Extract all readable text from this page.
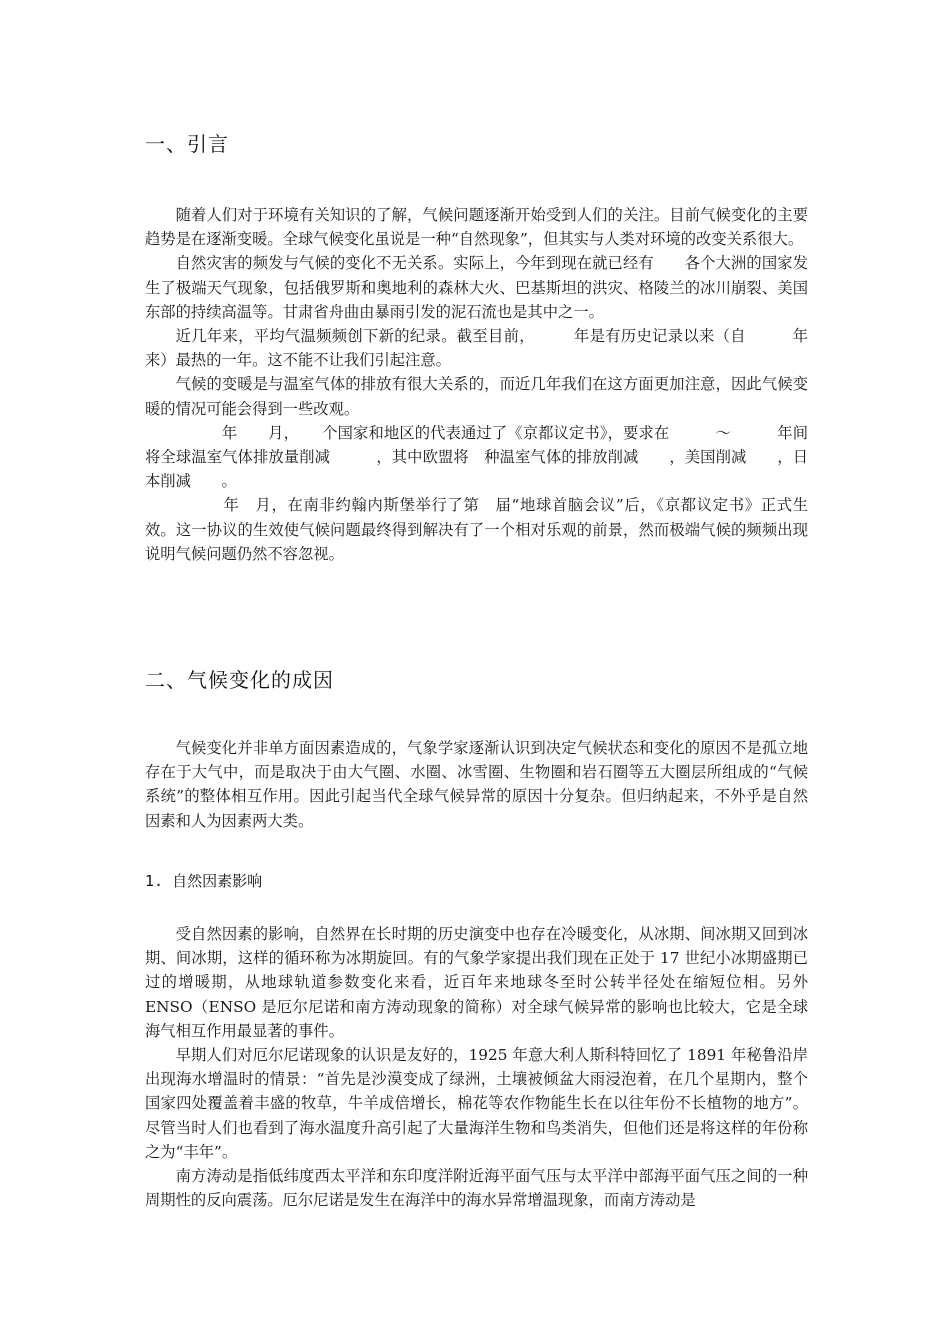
一、引言

随着人们对于环境有关知识的了解，气候问题逐渐开始受到人们的关注。目前气候变化的主要趋势是在逐渐变暖。全球气候变化虽说是一种“自然现象”，但其实与人类对环境的改变关系很大。

自然灾害的频发与气候的变化不无关系。实际上，今年到现在就已经有　　各个大洲的国家发生了极端天气现象，包括俄罗斯和奥地利的森林大火、巴基斯坦的洪灾、格陵兰的冰川崩裂、美国东部的持续高温等。甘肃省舟曲由暴雨引发的泥石流也是其中之一。

近几年来，平均气温频频创下新的纪录。截至目前，　　　年是有历史记录以来（自　　　年来）最热的一年。这不能不让我们引起注意。

气候的变暖是与温室气体的排放有很大关系的，而近几年我们在这方面更加注意，因此气候变暖的情况可能会得到一些改观。

　　　年　　月，　　个国家和地区的代表通过了《京都议定书》，要求在　　　～　　　年间将全球温室气体排放量削减　　　，其中欧盟将　种温室气体的排放削减　　，美国削减　　，日本削减　　。

　　　年　月，在南非约翰内斯堡举行了第　届“地球首脑会议”后，《京都议定书》正式生效。这一协议的生效使气候问题最终得到解决有了一个相对乐观的前景，然而极端气候的频频出现说明气候问题仍然不容忽视。

二、气候变化的成因

气候变化并非单方面因素造成的，气象学家逐渐认识到决定气候状态和变化的原因不是孤立地存在于大气中，而是取决于由大气圈、水圈、冰雪圈、生物圈和岩石圈等五大圈层所组成的“气候系统”的整体相互作用。因此引起当代全球气候异常的原因十分复杂。但归纳起来，不外乎是自然因素和人为因素两大类。

1. 自然因素影响

受自然因素的影响，自然界在长时期的历史演变中也存在冷暖变化，从冰期、间冰期又回到冰期、间冰期，这样的循环称为冰期旋回。有的气象学家提出我们现在正处于 17 世纪小冰期盛期已过的增暖期，从地球轨道参数变化来看，近百年来地球冬至时公转半径处在缩短位相。另外 ENSO（ENSO 是厄尔尼诺和南方涛动现象的简称）对全球气候异常的影响也比较大，它是全球海气相互作用最显著的事件。

早期人们对厄尔尼诺现象的认识是友好的，1925 年意大利人斯科特回忆了 1891 年秘鲁沿岸出现海水增温时的情景：“首先是沙漠变成了绿洲，土壤被倾盆大雨浸泡着，在几个星期内，整个国家四处覆盖着丰盛的牧草，牛羊成倍增长，棉花等农作物能生长在以往年份不长植物的地方”。尽管当时人们也看到了海水温度升高引起了大量海洋生物和鸟类消失，但他们还是将这样的年份称之为“丰年”。

南方涛动是指低纬度西太平洋和东印度洋附近海平面气压与太平洋中部海平面气压之间的一种周期性的反向震荡。厄尔尼诺是发生在海洋中的海水异常增温现象，而南方涛动是
